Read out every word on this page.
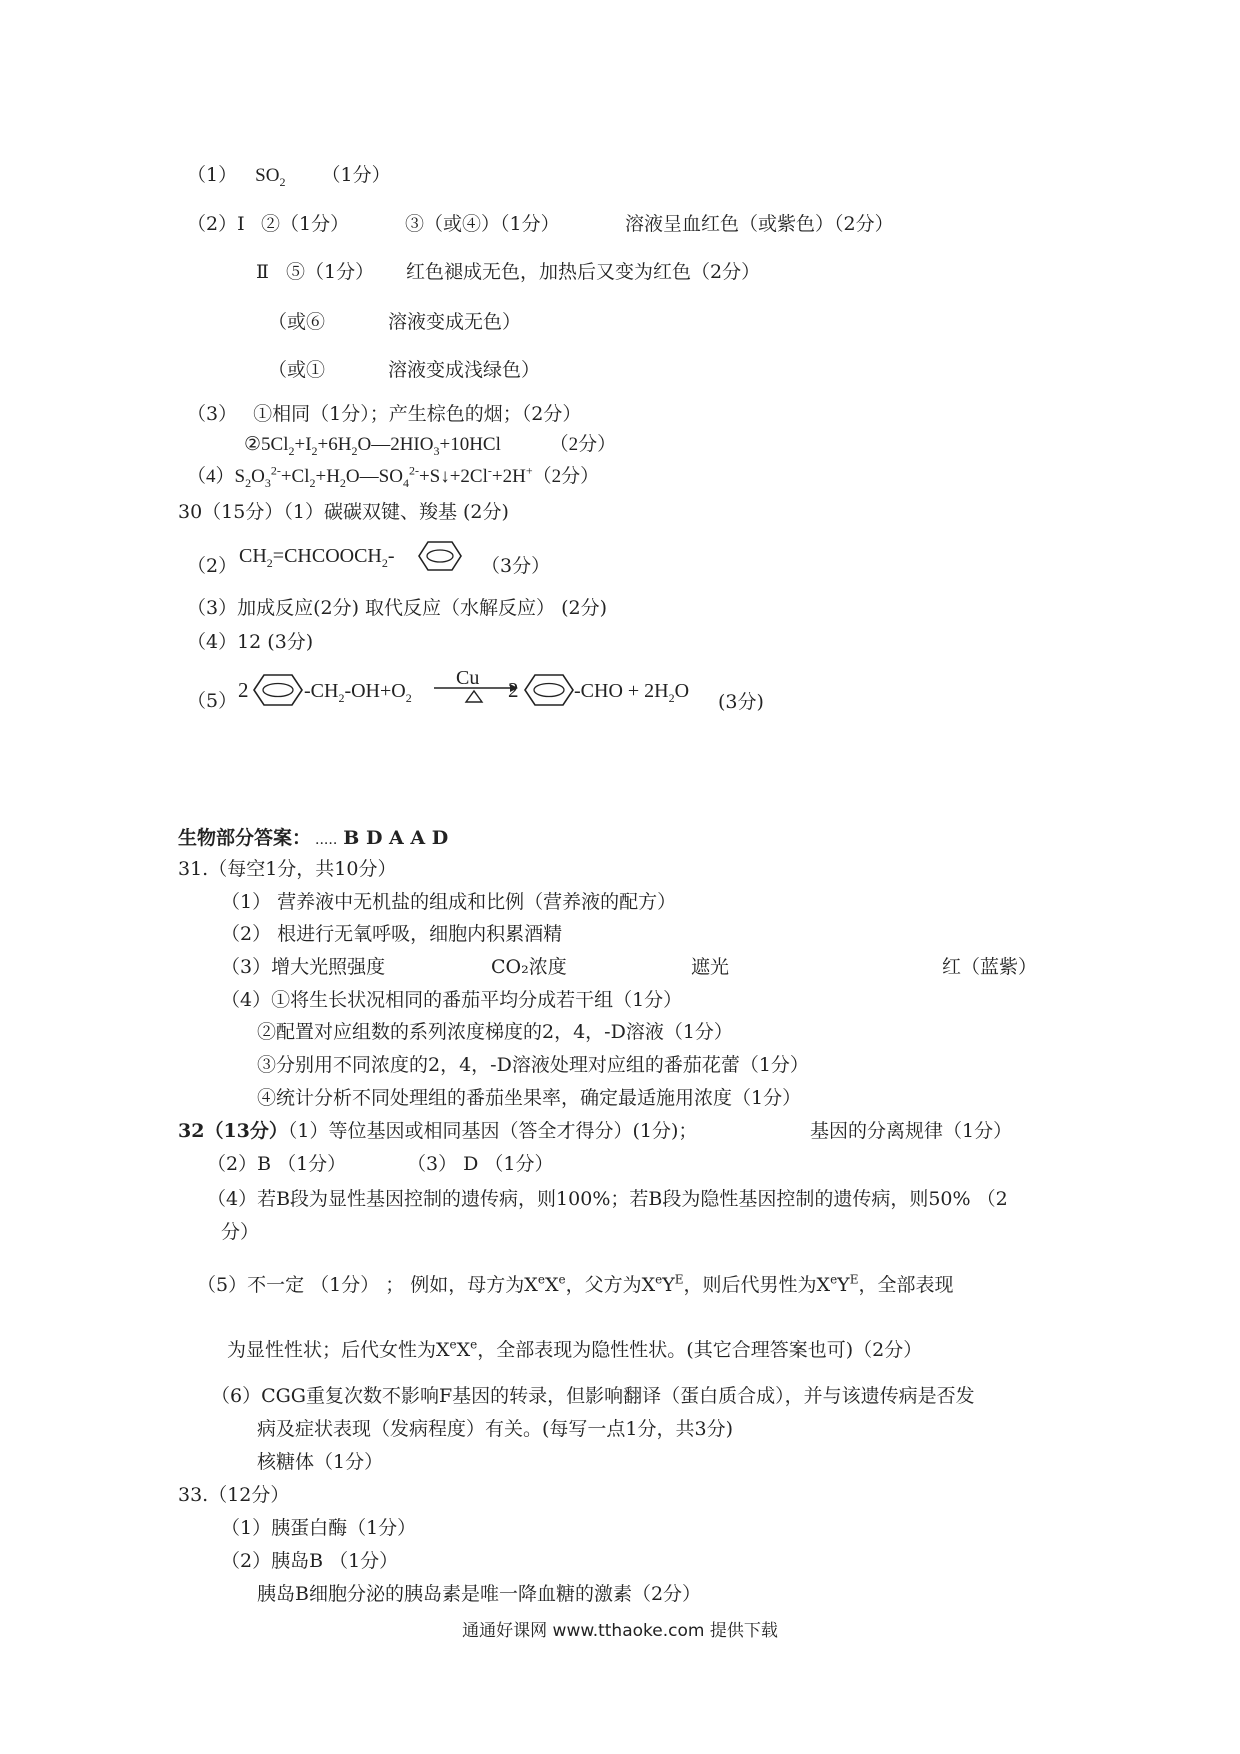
（1） $SO_2$ （1分）
（2）Ⅰ ②（1分）	③（或④）（1分）	溶液呈血红色（或紫色）（2分）
Ⅱ ⑤（1分） 红色褪成无色，加热后又变为红色（2分）
（或⑥	溶液变成无色）
（或①	溶液变成浅绿色）
（3） ①相同（1分）；产生棕色的烟；（2分）
$②5Cl_2+I_2+6H_2O—2HIO_3+10HCl$	（2分）
$(4)S_2O_3^{2-}+Cl_2+H_2O—SO_4^{2-}+S↓+2Cl^-+2H^+(2$分）
30（15分）（1）碳碳双键、羧基 (2分)
（2） $CH_2=CHCOOCH_2-$	（3分）
（3）加成反应(2分) 取代反应（水解反应） (2分)
（4）12 (3分)
（5） 2	$-CH_2-OH+O_2$
Cu 2	$-CHO + 2H_2O$ (3分)
生物部分答案： ..... B D A A D
31.（每空1分，共10分）
（1） 营养液中无机盐的组成和比例（营养液的配方）
（2） 根进行无氧呼吸，细胞内积累酒精
（3）增大光照强度	CO₂浓度	遮光	红（蓝紫）
（4）①将生长状况相同的番茄平均分成若干组（1分）
②配置对应组数的系列浓度梯度的2，4，-D溶液（1分）
③分别用不同浓度的2，4，-D溶液处理对应组的番茄花蕾（1分）
④统计分析不同处理组的番茄坐果率，确定最适施用浓度（1分）
32（13分）（1）等位基因或相同基因（答全才得分）(1分)；	基因的分离规律（1分）
（2）B （1分）	（3） D （1分）
（4）若B段为显性基因控制的遗传病，则100%；若B段为隐性基因控制的遗传病，则50% （2
分）
（5）不一定 （1分） ； 例如，母方为XeXe，父方为$XeY^E$，则后代男性为$XeY^E$，全部表现
为显性性状；后代女性为XeXe，全部表现为隐性性状。(其它合理答案也可)（2分）
（6）CGG重复次数不影响F基因的转录，但影响翻译（蛋白质合成），并与该遗传病是否发
病及症状表现（发病程度）有关。(每写一点1分，共3分)
核糖体（1分）
33.（12分）
（1）胰蛋白酶（1分）
（2）胰岛B （1分）
胰岛B细胞分泌的胰岛素是唯一降血糖的激素（2分）
通通好课网 www.tthaoke.com 提供下载
